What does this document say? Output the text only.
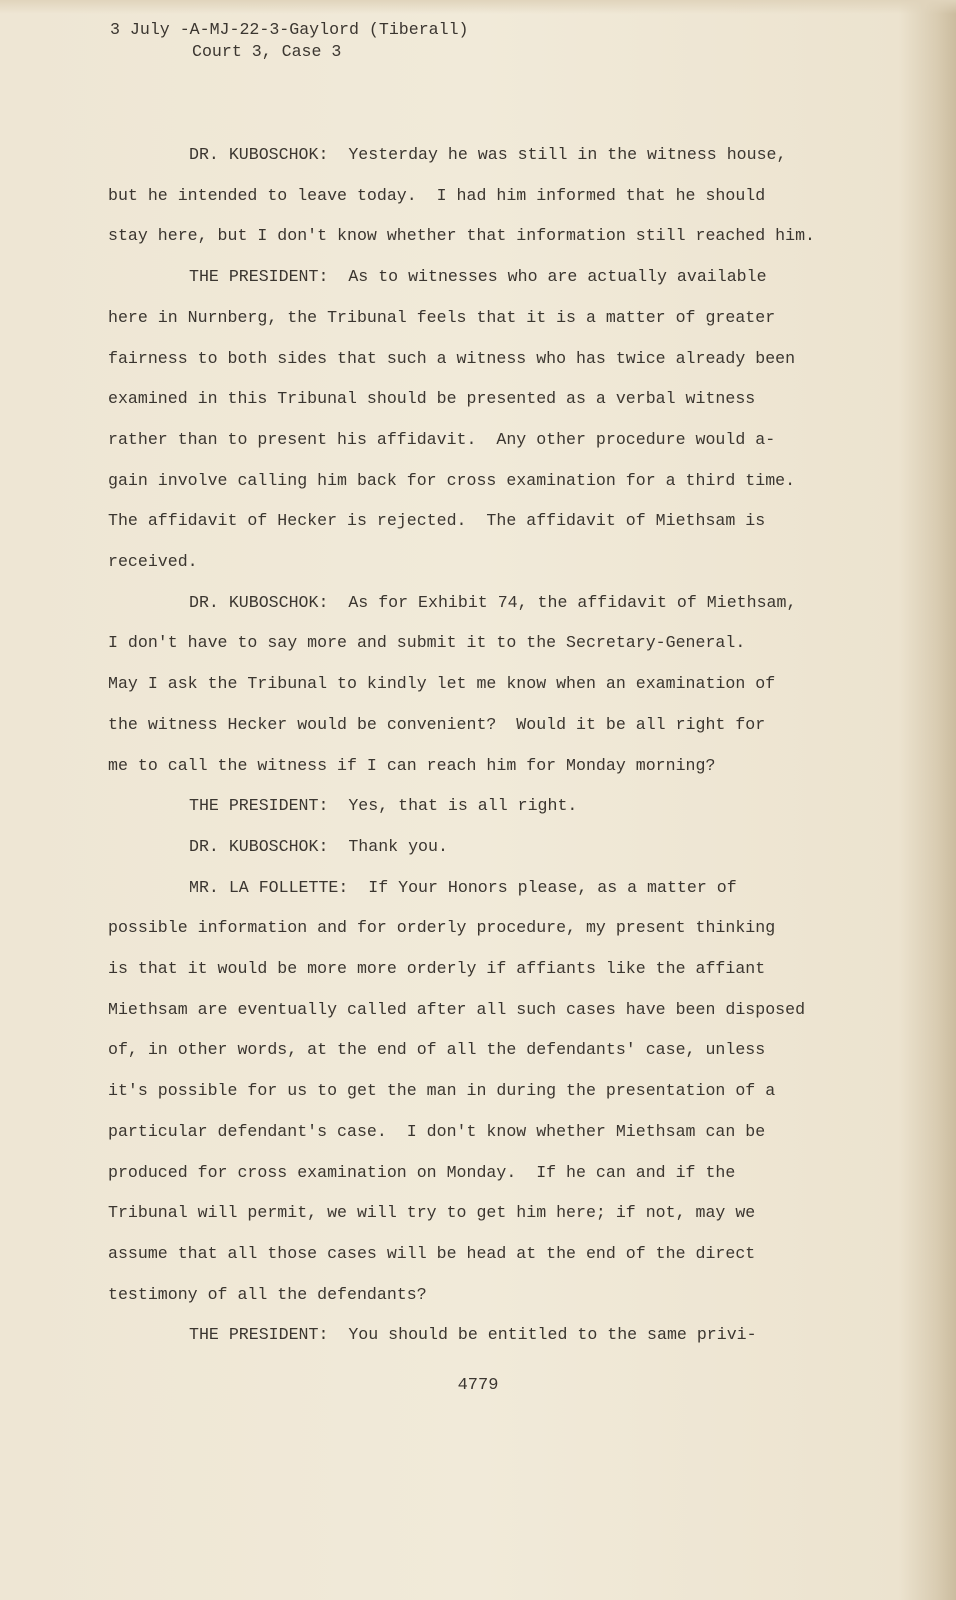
3 July -A-MJ-22-3-Gaylord (Tiberall)
Court 3, Case 3
DR. KUBOSCHOK:  Yesterday he was still in the witness house,
but he intended to leave today.  I had him informed that he should
stay here, but I don't know whether that information still reached him.
THE PRESIDENT:  As to witnesses who are actually available
here in Nurnberg, the Tribunal feels that it is a matter of greater
fairness to both sides that such a witness who has twice already been
examined in this Tribunal should be presented as a verbal witness
rather than to present his affidavit.  Any other procedure would a-
gain involve calling him back for cross examination for a third time.
The affidavit of Hecker is rejected.  The affidavit of Miethsam is
received.
DR. KUBOSCHOK:  As for Exhibit 74, the affidavit of Miethsam,
I don't have to say more and submit it to the Secretary-General.
May I ask the Tribunal to kindly let me know when an examination of
the witness Hecker would be convenient?  Would it be all right for
me to call the witness if I can reach him for Monday morning?
THE PRESIDENT:  Yes, that is all right.
DR. KUBOSCHOK:  Thank you.
MR. LA FOLLETTE:  If Your Honors please, as a matter of
possible information and for orderly procedure, my present thinking
is that it would be more more orderly if affiants like the affiant
Miethsam are eventually called after all such cases have been disposed
of, in other words, at the end of all the defendants' case, unless
it's possible for us to get the man in during the presentation of a
particular defendant's case.  I don't know whether Miethsam can be
produced for cross examination on Monday.  If he can and if the
Tribunal will permit, we will try to get him here; if not, may we
assume that all those cases will be head at the end of the direct
testimony of all the defendants?
THE PRESIDENT:  You should be entitled to the same privi-
4779
